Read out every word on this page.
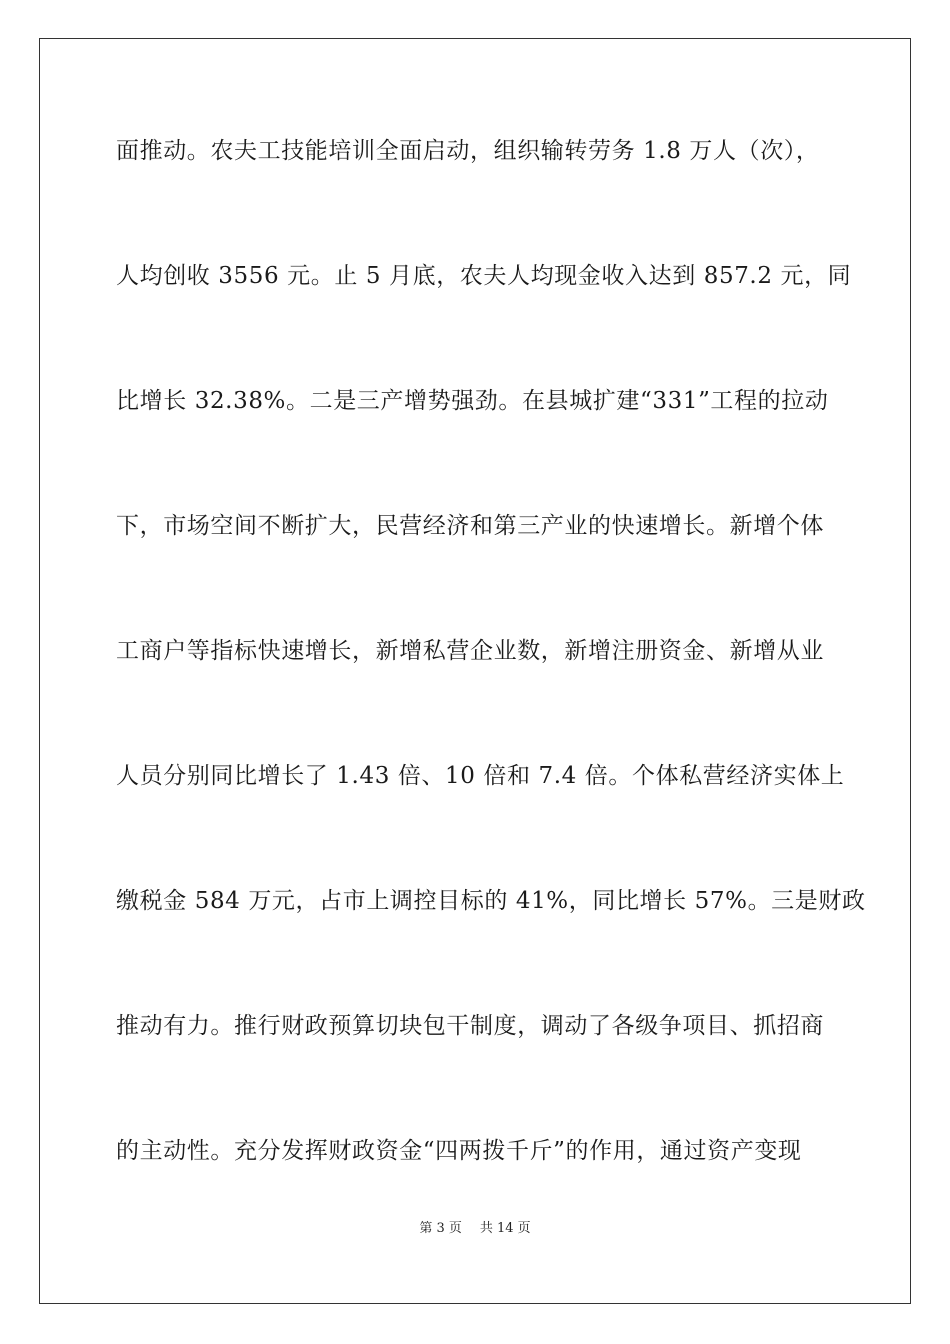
面推动。农夫工技能培训全面启动，组织输转劳务 1.8 万人（次），
人均创收 3556 元。止 5 月底，农夫人均现金收入达到 857.2 元，同
比增长 32.38%。二是三产增势强劲。在县城扩建“331”工程的拉动
下，市场空间不断扩大，民营经济和第三产业的快速增长。新增个体
工商户等指标快速增长，新增私营企业数，新增注册资金、新增从业
人员分别同比增长了 1.43 倍、10 倍和 7.4 倍。个体私营经济实体上
缴税金 584 万元，占市上调控目标的 41%，同比增长 57%。三是财政
推动有力。推行财政预算切块包干制度，调动了各级争项目、抓招商
的主动性。充分发挥财政资金“四两拨千斤”的作用，通过资产变现
第 3 页 共 14 页
